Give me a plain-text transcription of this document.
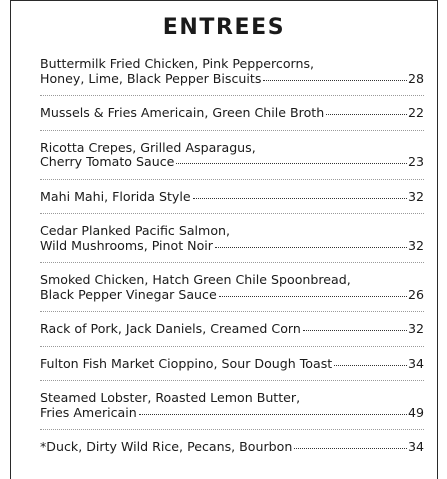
ENTREES
Buttermilk Fried Chicken, Pink Peppercorns,
Honey, Lime, Black Pepper Biscuits	28
Mussels & Fries Americain, Green Chile Broth	22
Ricotta Crepes, Grilled Asparagus,
Cherry Tomato Sauce	23
Mahi Mahi, Florida Style	32
Cedar Planked Pacific Salmon,
Wild Mushrooms, Pinot Noir	32
Smoked Chicken, Hatch Green Chile Spoonbread,
Black Pepper Vinegar Sauce	26
Rack of Pork, Jack Daniels, Creamed Corn	32
Fulton Fish Market Cioppino, Sour Dough Toast	34
Steamed Lobster, Roasted Lemon Butter,
Fries Americain	49
*Duck, Dirty Wild Rice, Pecans, Bourbon	34
